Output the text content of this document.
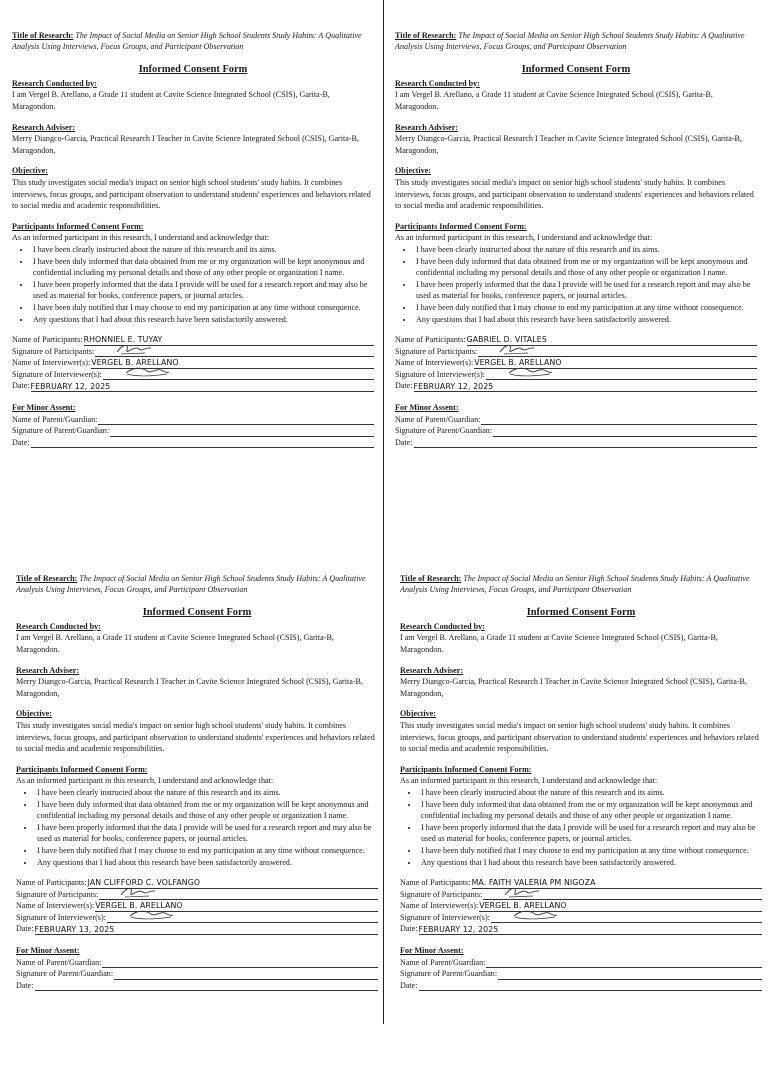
Title of Research: The Impact of Social Media on Senior High School Students Study Habits: A Qualitative Analysis Using Interviews, Focus Groups, and Participant Observation
Informed Consent Form
Research Conducted by:

I am Vergel B. Arellano, a Grade 11 student at Cavite Science Integrated School (CSIS), Garita-B, Maragondon.

Research Adviser:

Merry Diangco-Garcia, Practical Research I Teacher in Cavite Science Integrated School (CSIS), Garita-B, Maragondon,

Objective:

This study investigates social media's impact on senior high school students' study habits. It combines interviews, focus groups, and participant observation to understand students' experiences and behaviors related to social media and academic responsibilities.

Participants Informed Consent Form:

As an informed participant in this research, I understand and acknowledge that:

• I have been clearly instructed about the nature of this research and its aims.
• I have been duly informed that data obtained from me or my organization will be kept anonymous and confidential including my personal details and those of any other people or organization I name.
• I have been properly informed that the data I provide will be used for a research report and may also be used as material for books, conference papers, or journal articles.
• I have been duly notified that I may choose to end my participation at any time without consequence.
• Any questions that I had about this research have been satisfactorily answered.
Name of Participants: RHONNIEL E. TUYAY
Signature of Participants:
Name of Interviewer(s): VERGEL B. ARELLANO
Signature of Interviewer(s):
Date: FEBRUARY 12, 2025
For Minor Assent:
Name of Parent/Guardian:
Signature of Parent/Guardian:
Date:
Title of Research: The Impact of Social Media on Senior High School Students Study Habits: A Qualitative Analysis Using Interviews, Focus Groups, and Participant Observation
Informed Consent Form
Research Conducted by:

I am Vergel B. Arellano, a Grade 11 student at Cavite Science Integrated School (CSIS), Garita-B, Maragondon.

Research Adviser:

Merry Diangco-Garcia, Practical Research I Teacher in Cavite Science Integrated School (CSIS), Garita-B, Maragondon,

Objective:

This study investigates social media's impact on senior high school students' study habits. It combines interviews, focus groups, and participant observation to understand students' experiences and behaviors related to social media and academic responsibilities.

Participants Informed Consent Form:

As an informed participant in this research, I understand and acknowledge that:

• I have been clearly instructed about the nature of this research and its aims.
• I have been duly informed that data obtained from me or my organization will be kept anonymous and confidential including my personal details and those of any other people or organization I name.
• I have been properly informed that the data I provide will be used for a research report and may also be used as material for books, conference papers, or journal articles.
• I have been duly notified that I may choose to end my participation at any time without consequence.
• Any questions that I had about this research have been satisfactorily answered.
Name of Participants: GABRIEL D. VITALES
Signature of Participants:
Name of Interviewer(s): VERGEL B. ARELLANO
Signature of Interviewer(s):
Date: FEBRUARY 12, 2025
For Minor Assent:
Name of Parent/Guardian:
Signature of Parent/Guardian:
Date:
Title of Research: The Impact of Social Media on Senior High School Students Study Habits: A Qualitative Analysis Using Interviews, Focus Groups, and Participant Observation
Informed Consent Form
Research Conducted by:

I am Vergel B. Arellano, a Grade 11 student at Cavite Science Integrated School (CSIS), Garita-B, Maragondon.

Research Adviser:

Merry Diangco-Garcia, Practical Research I Teacher in Cavite Science Integrated School (CSIS), Garita-B, Maragondon,

Objective:

This study investigates social media's impact on senior high school students' study habits. It combines interviews, focus groups, and participant observation to understand students' experiences and behaviors related to social media and academic responsibilities.

Participants Informed Consent Form:

As an informed participant in this research, I understand and acknowledge that:

• I have been clearly instructed about the nature of this research and its aims.
• I have been duly informed that data obtained from me or my organization will be kept anonymous and confidential including my personal details and those of any other people or organization I name.
• I have been properly informed that the data I provide will be used for a research report and may also be used as material for books, conference papers, or journal articles.
• I have been duly notified that I may choose to end my participation at any time without consequence.
• Any questions that I had about this research have been satisfactorily answered.
Name of Participants: JAN CLIFFORD C. VOLFANGO
Signature of Participants:
Name of Interviewer(s): VERGEL B. ARELLANO
Signature of Interviewer(s):
Date: FEBRUARY 13, 2025
For Minor Assent:
Name of Parent/Guardian:
Signature of Parent/Guardian:
Date:
Title of Research: The Impact of Social Media on Senior High School Students Study Habits: A Qualitative Analysis Using Interviews, Focus Groups, and Participant Observation
Informed Consent Form
Research Conducted by:

I am Vergel B. Arellano, a Grade 11 student at Cavite Science Integrated School (CSIS), Garita-B, Maragondon.

Research Adviser:

Merry Diangco-Garcia, Practical Research I Teacher in Cavite Science Integrated School (CSIS), Garita-B, Maragondon,

Objective:

This study investigates social media's impact on senior high school students' study habits. It combines interviews, focus groups, and participant observation to understand students' experiences and behaviors related to social media and academic responsibilities.

Participants Informed Consent Form:

As an informed participant in this research, I understand and acknowledge that:

• I have been clearly instructed about the nature of this research and its aims.
• I have been duly informed that data obtained from me or my organization will be kept anonymous and confidential including my personal details and those of any other people or organization I name.
• I have been properly informed that the data I provide will be used for a research report and may also be used as material for books, conference papers, or journal articles.
• I have been duly notified that I may choose to end my participation at any time without consequence.
• Any questions that I had about this research have been satisfactorily answered.
Name of Participants: MA. FAITH VALERIA PM NIGOZA
Signature of Participants:
Name of Interviewer(s): VERGEL B. ARELLANO
Signature of Interviewer(s):
Date: FEBRUARY 12, 2025
For Minor Assent:
Name of Parent/Guardian:
Signature of Parent/Guardian:
Date:
